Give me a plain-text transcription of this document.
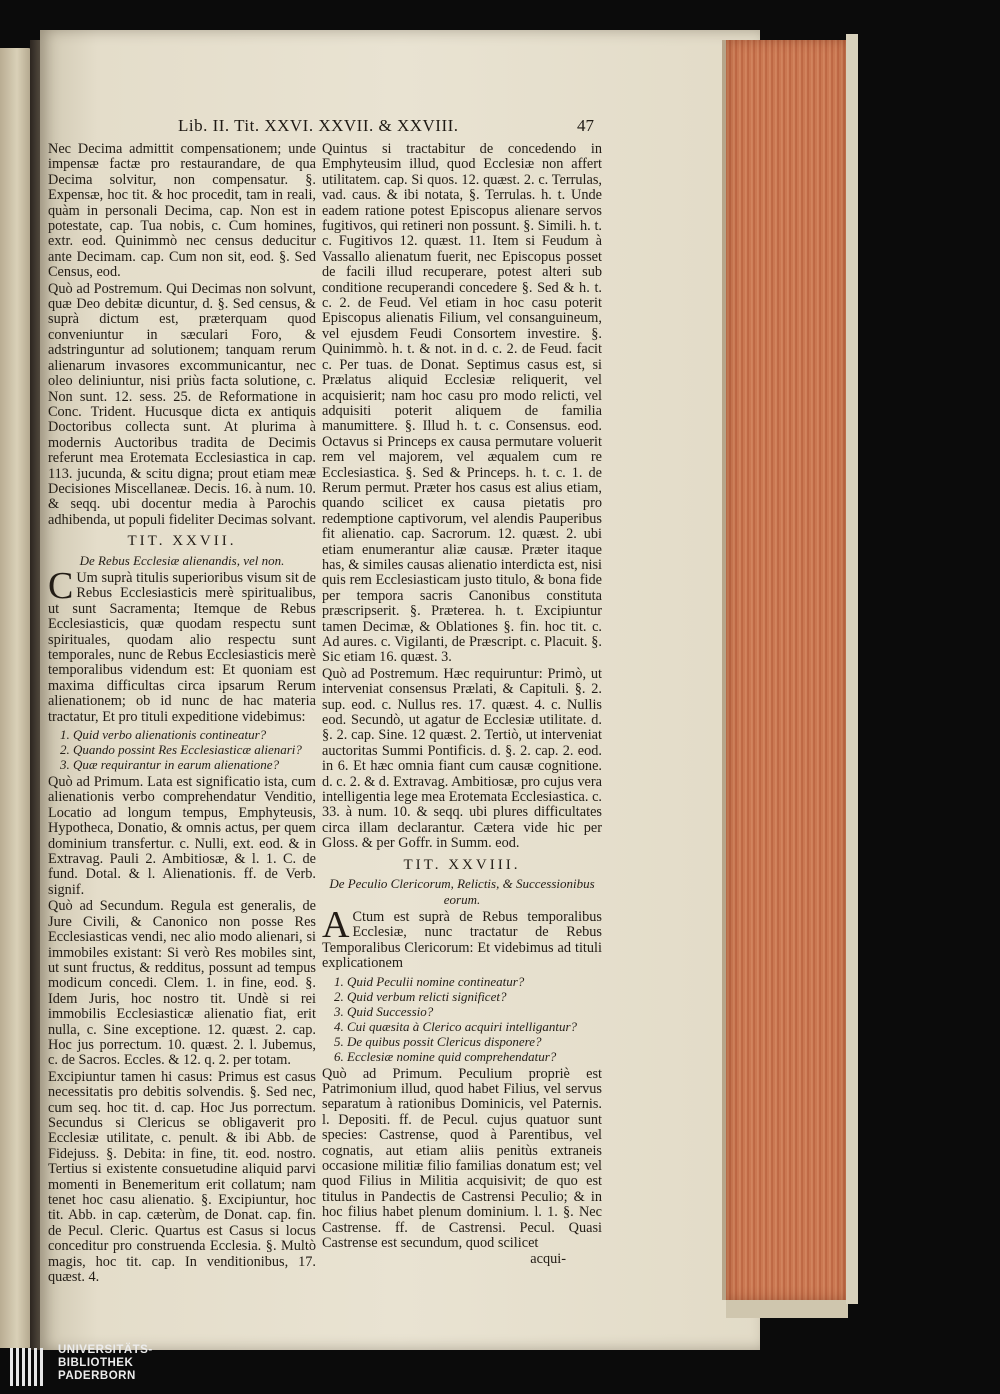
Lib. II. Tit. XXVI. XXVII. & XXVIII.	47

Nec Decima admittit compensationem; unde impensæ factæ pro restaurandare, de qua Decima solvitur, non compensatur. §. Expensæ, hoc tit. & hoc procedit, tam in reali, quàm in personali Decima, cap. Non est in potestate, cap. Tua nobis, c. Cum homines, extr. eod. Quinimmò nec census deducitur ante Decimam. cap. Cum non sit, eod. §. Sed Census, eod.

Quò ad Postremum. Qui Decimas non solvunt, quæ Deo debitæ dicuntur, d. §. Sed census, & suprà dictum est, præterquam quod conveniuntur in sæculari Foro, & adstringuntur ad solutionem; tanquam rerum alienarum invasores excommunicantur, nec oleo deliniuntur, nisi priùs facta solutione, c. Non sunt. 12. sess. 25. de Reformatione in Conc. Trident. Hucusque dicta ex antiquis Doctoribus collecta sunt. At plurima à modernis Auctoribus tradita de Decimis referunt mea Erotemata Ecclesiastica in cap. 113. jucunda, & scitu digna; prout etiam meæ Decisiones Miscellaneæ. Decis. 16. à num. 10. & seqq. ubi docentur media à Parochis adhibenda, ut populi fideliter Decimas solvant.

TIT. XXVII.
De Rebus Ecclesiæ alienandis, vel non.

C Um suprà titulis superioribus visum sit de Rebus Ecclesiasticis merè spiritualibus, ut sunt Sacramenta; Itemque de Rebus Ecclesiasticis, quæ quodam respectu sunt spirituales, quodam alio respectu sunt temporales, nunc de Rebus Ecclesiasticis merè temporalibus videndum est: Et quoniam est maxima difficultas circa ipsarum Rerum alienationem; ob id nunc de hac materia tractatur, Et pro tituli expeditione videbimus:

1. Quid verbo alienationis contineatur?
2. Quando possint Res Ecclesiasticæ alienari?
3. Quæ requirantur in earum alienatione?

Quò ad Primum. Lata est significatio ista, cum alienationis verbo comprehendatur Venditio, Locatio ad longum tempus, Emphyteusis, Hypotheca, Donatio, & omnis actus, per quem dominium transfertur. c. Nulli, ext. eod. & in Extravag. Pauli 2. Ambitiosæ, & l. 1. C. de fund. Dotal. & l. Alienationis. ff. de Verb. signif.

Quò ad Secundum. Regula est generalis, de Jure Civili, & Canonico non posse Res Ecclesiasticas vendi, nec alio modo alienari, si immobiles existant: Si verò Res mobiles sint, ut sunt fructus, & redditus, possunt ad tempus modicum concedi. Clem. 1. in fine, eod. §. Idem Juris, hoc nostro tit. Undè si rei immobilis Ecclesiasticæ alienatio fiat, erit nulla, c. Sine exceptione. 12. quæst. 2. cap. Hoc jus porrectum. 10. quæst. 2. l. Jubemus, c. de Sacros. Eccles. & 12. q. 2. per totam.

Excipiuntur tamen hi casus: Primus est casus necessitatis pro debitis solvendis. §. Sed nec, cum seq. hoc tit. d. cap. Hoc Jus porrectum. Secundus si Clericus se obligaverit pro Ecclesiæ utilitate, c. penult. & ibi Abb. de Fidejuss. §. Debita: in fine, tit. eod. nostro. Tertius si existente consuetudine aliquid parvi momenti in Benemeritum erit collatum; nam tenet hoc casu alienatio. §. Excipiuntur, hoc tit. Abb. in cap. cæterùm, de Donat. cap. fin. de Pecul. Cleric. Quartus est Casus si locus conceditur pro construenda Ecclesia. §. Multò magis, hoc tit. cap. In venditionibus, 17. quæst. 4.

Quintus si tractabitur de concedendo in Emphyteusim illud, quod Ecclesiæ non affert utilitatem. cap. Si quos. 12. quæst. 2. c. Terrulas, vad. caus. & ibi notata, §. Terrulas. h. t. Unde eadem ratione potest Episcopus alienare servos fugitivos, qui retineri non possunt. §. Simili. h. t. c. Fugitivos 12. quæst. 11. Item si Feudum à Vassallo alienatum fuerit, nec Episcopus posset de facili illud recuperare, potest alteri sub conditione recuperandi concedere §. Sed & h. t. c. 2. de Feud. Vel etiam in hoc casu poterit Episcopus alienatis Filium, vel consanguineum, vel ejusdem Feudi Consortem investire. §. Quinimmò. h. t. & not. in d. c. 2. de Feud. facit c. Per tuas. de Donat. Septimus casus est, si Prælatus aliquid Ecclesiæ reliquerit, vel acquisierit; nam hoc casu pro modo relicti, vel adquisiti poterit aliquem de familia manumittere. §. Illud h. t. c. Consensus. eod. Octavus si Princeps ex causa permutare voluerit rem vel majorem, vel æqualem cum re Ecclesiastica. §. Sed & Princeps. h. t. c. 1. de Rerum permut. Præter hos casus est alius etiam, quando scilicet ex causa pietatis pro redemptione captivorum, vel alendis Pauperibus fit alienatio. cap. Sacrorum. 12. quæst. 2. ubi etiam enumerantur aliæ causæ. Præter itaque has, & similes causas alienatio interdicta est, nisi quis rem Ecclesiasticam justo titulo, & bona fide per tempora sacris Canonibus constituta præscripserit. §. Præterea. h. t. Excipiuntur tamen Decimæ, & Oblationes §. fin. hoc tit. c. Ad aures. c. Vigilanti, de Præscript. c. Placuit. §. Sic etiam 16. quæst. 3.

Quò ad Postremum. Hæc requiruntur: Primò, ut interveniat consensus Prælati, & Capituli. §. 2. sup. eod. c. Nullus res. 17. quæst. 4. c. Nullis eod. Secundò, ut agatur de Ecclesiæ utilitate. d. §. 2. cap. Sine. 12 quæst. 2. Tertiò, ut interveniat auctoritas Summi Pontificis. d. §. 2. cap. 2. eod. in 6. Et hæc omnia fiant cum causæ cognitione. d. c. 2. & d. Extravag. Ambitiosæ, pro cujus vera intelligentia lege mea Erotemata Ecclesiastica. c. 33. à num. 10. & seqq. ubi plures difficultates circa illam declarantur. Cætera vide hic per Gloss. & per Goffr. in Summ. eod.

TIT. XXVIII.
De Peculio Clericorum, Relictis, & Successionibus eorum.

A Ctum est suprà de Rebus temporalibus Ecclesiæ, nunc tractatur de Rebus Temporalibus Clericorum: Et videbimus ad tituli explicationem

1. Quid Peculii nomine contineatur?
2. Quid verbum relicti significet?
3. Quid Successio?
4. Cui quæsita à Clerico acquiri intelligantur?
5. De quibus possit Clericus disponere?
6. Ecclesiæ nomine quid comprehendatur?

Quò ad Primum. Peculium propriè est Patrimonium illud, quod habet Filius, vel servus separatum à rationibus Dominicis, vel Paternis. l. Depositi. ff. de Pecul. cujus quatuor sunt species: Castrense, quod à Parentibus, vel cognatis, aut etiam aliis penitùs extraneis occasione militiæ filio familias donatum est; vel quod Filius in Militia acquisivit; de quo est titulus in Pandectis de Castrensi Peculio; & in hoc filius habet plenum dominium. l. 1. §. Nec Castrense. ff. de Castrensi. Pecul. Quasi Castrense est secundum, quod scilicet

acqui-

UNIVERSITÄTS-
BIBLIOTHEK
PADERBORN
